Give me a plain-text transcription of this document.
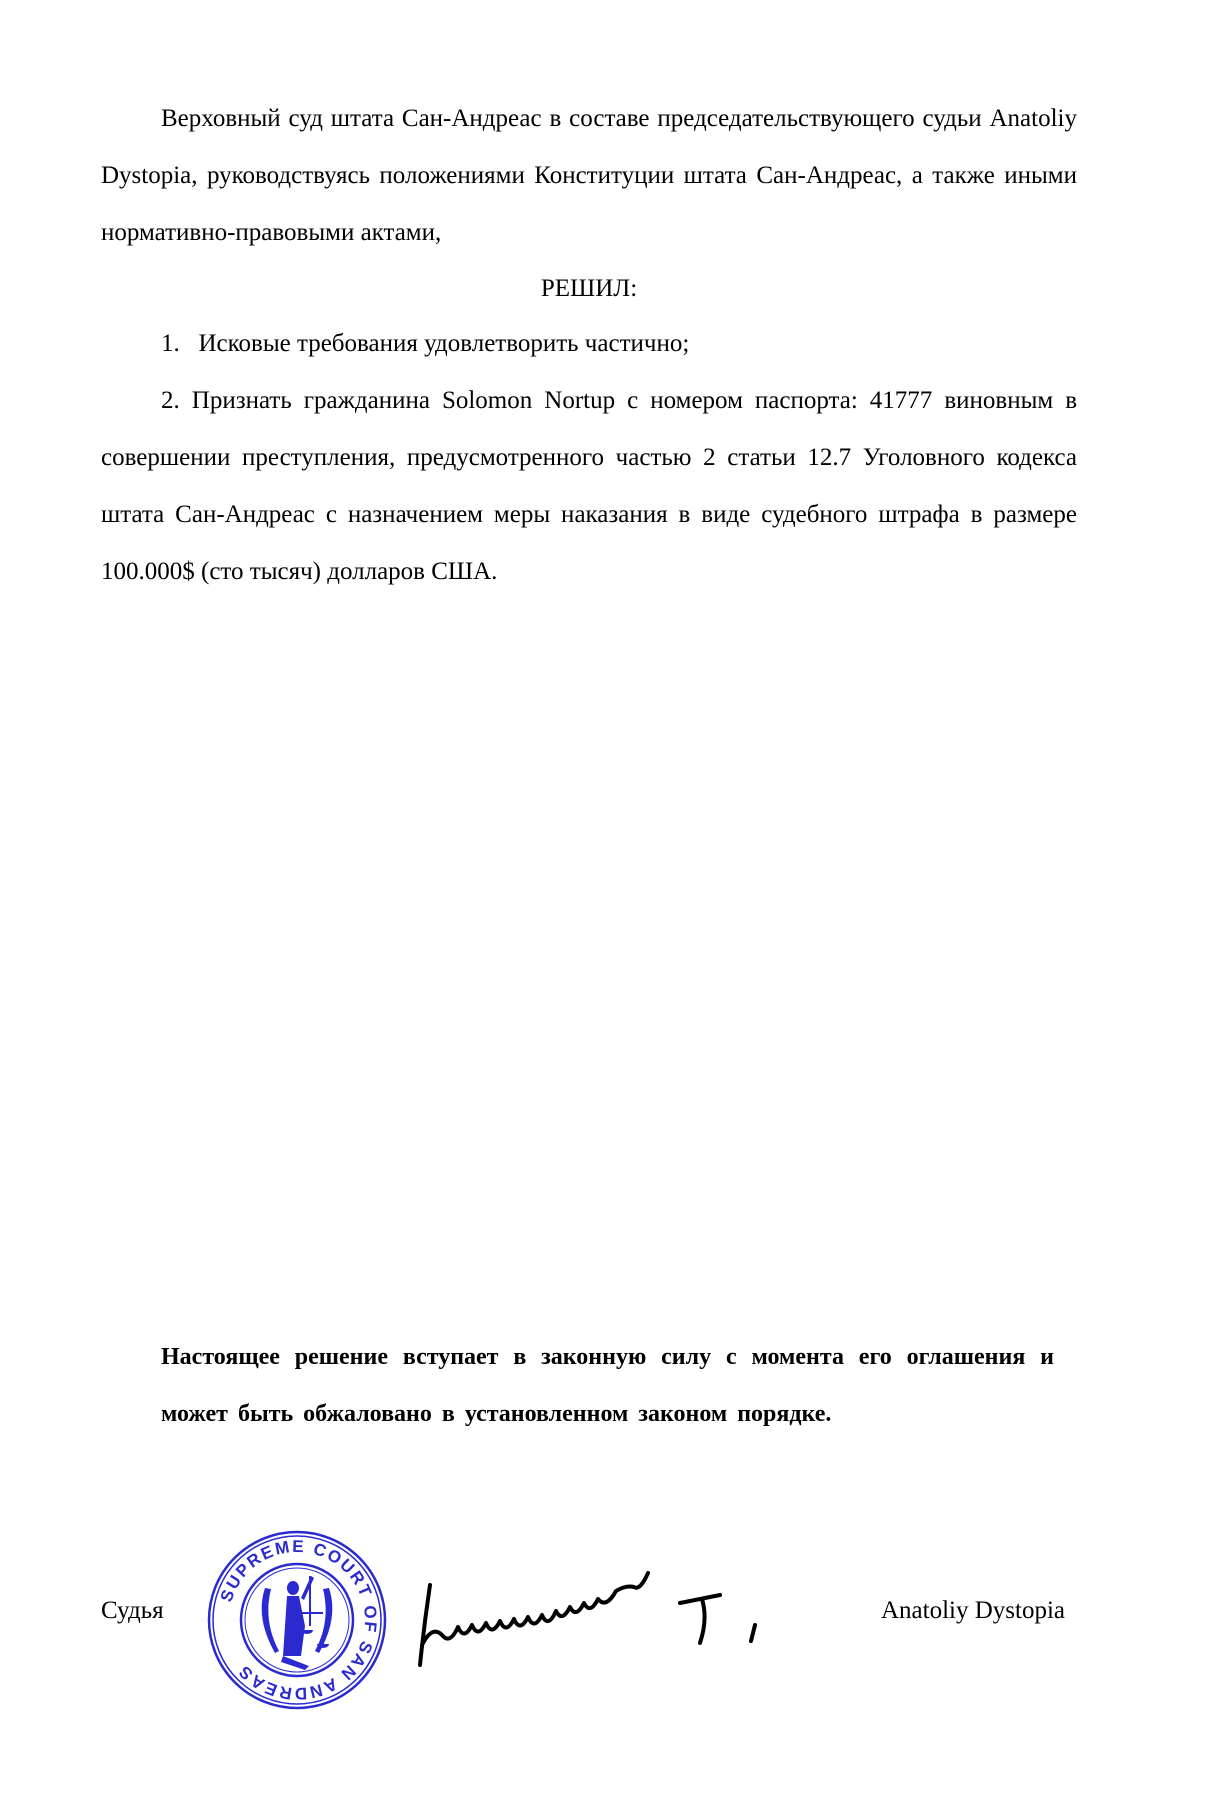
Верховный суд штата Сан-Андреас в составе председательствующего судьи Anatoliy Dystopia, руководствуясь положениями Конституции штата Сан-Андреас, а также иными нормативно-правовыми актами,
РЕШИЛ:
1. Исковые требования удовлетворить частично;
2. Признать гражданина Solomon Nortup с номером паспорта: 41777 виновным в совершении преступления, предусмотренного частью 2 статьи 12.7 Уголовного кодекса штата Сан-Андреас с назначением меры наказания в виде судебного штрафа в размере 100.000$ (сто тысяч) долларов США.
Настоящее решение вступает в законную силу с момента его оглашения и может быть обжаловано в установленном законом порядке.
Судья
SUPREME COURT OF SAN ANDREAS
Anatoliy Dystopia
